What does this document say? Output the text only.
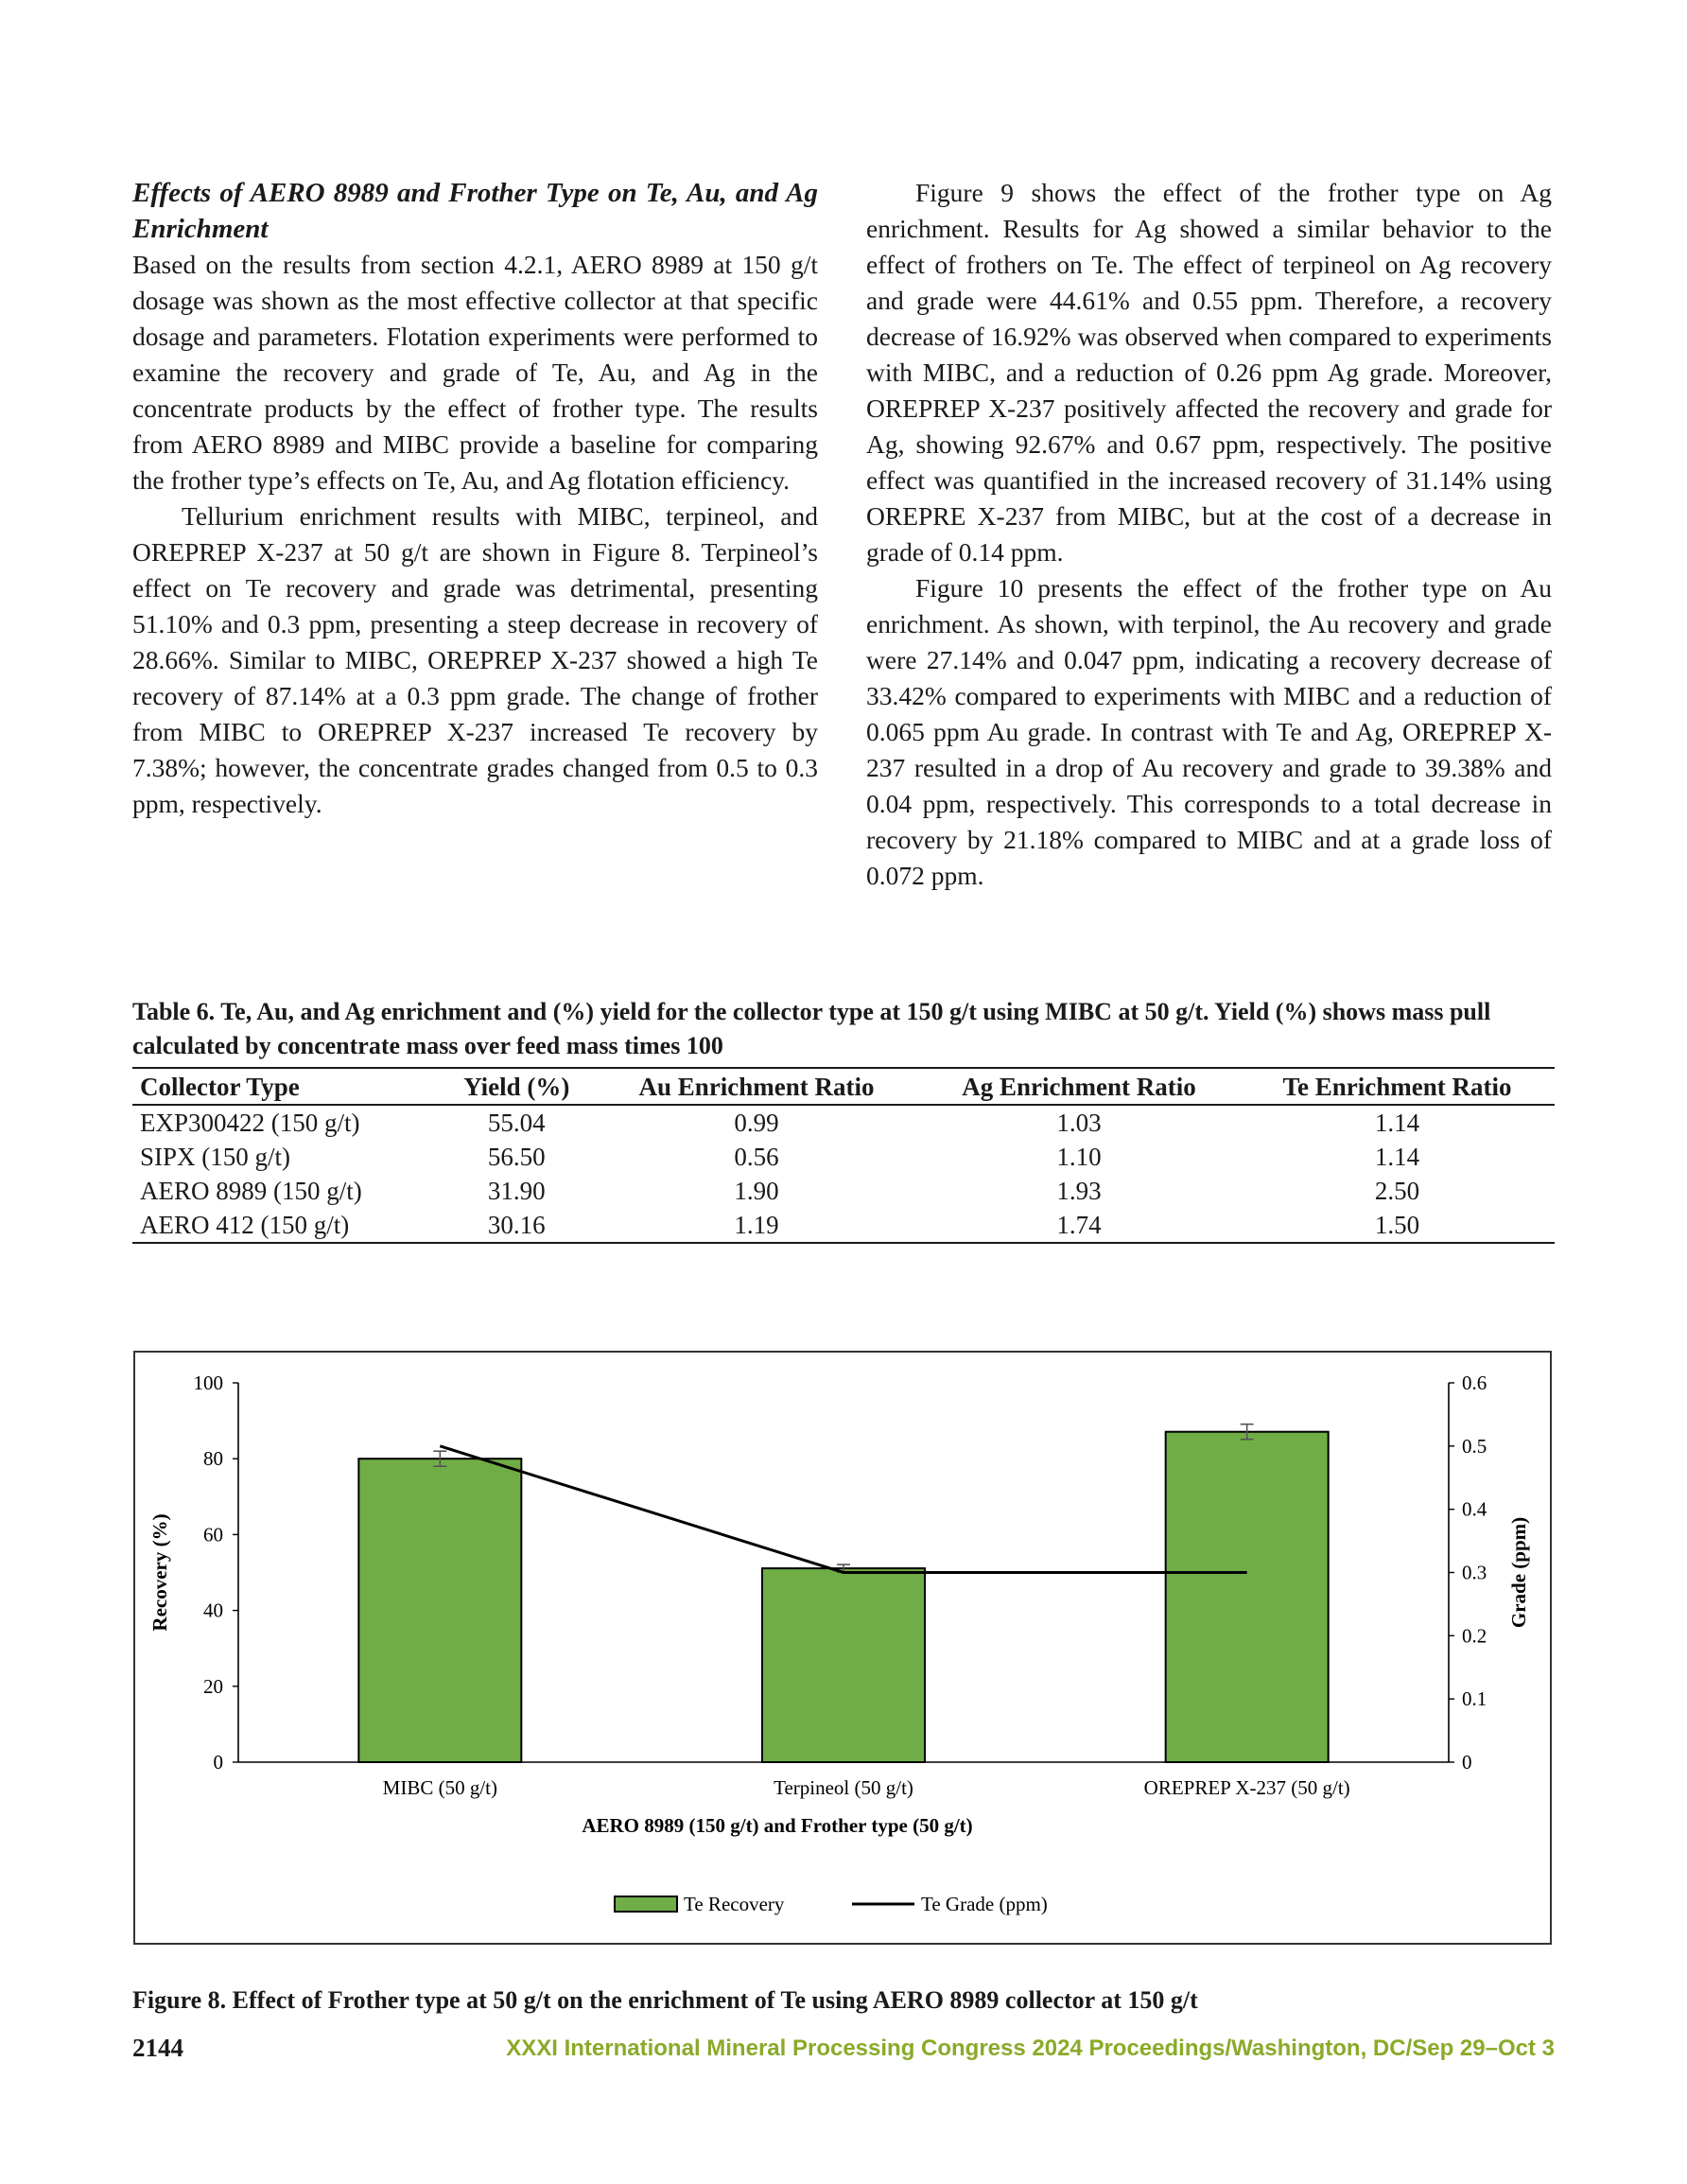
Effects of AERO 8989 and Frother Type on Te, Au, and Ag Enrichment

Based on the results from section 4.2.1, AERO 8989 at 150 g/t dosage was shown as the most effective collector at that specific dosage and parameters. Flotation experiments were performed to examine the recovery and grade of Te, Au, and Ag in the concentrate products by the effect of frother type. The results from AERO 8989 and MIBC provide a baseline for comparing the frother type’s effects on Te, Au, and Ag flotation efficiency.

Tellurium enrichment results with MIBC, terpineol, and OREPREP X-237 at 50 g/t are shown in Figure 8. Terpineol’s effect on Te recovery and grade was detrimental, presenting 51.10% and 0.3 ppm, presenting a steep decrease in recovery of 28.66%. Similar to MIBC, OREPREP X-237 showed a high Te recovery of 87.14% at a 0.3 ppm grade. The change of frother from MIBC to OREPREP X-237 increased Te recovery by 7.38%; however, the concentrate grades changed from 0.5 to 0.3 ppm, respectively.

Figure 9 shows the effect of the frother type on Ag enrichment. Results for Ag showed a similar behavior to the effect of frothers on Te. The effect of terpineol on Ag recovery and grade were 44.61% and 0.55 ppm. Therefore, a recovery decrease of 16.92% was observed when compared to experiments with MIBC, and a reduction of 0.26 ppm Ag grade. Moreover, OREPREP X-237 positively affected the recovery and grade for Ag, showing 92.67% and 0.67 ppm, respectively. The positive effect was quantified in the increased recovery of 31.14% using OREPRE X-237 from MIBC, but at the cost of a decrease in grade of 0.14 ppm.

Figure 10 presents the effect of the frother type on Au enrichment. As shown, with terpinol, the Au recovery and grade were 27.14% and 0.047 ppm, indicating a recovery decrease of 33.42% compared to experiments with MIBC and a reduction of 0.065 ppm Au grade. In contrast with Te and Ag, OREPREP X-237 resulted in a drop of Au recovery and grade to 39.38% and 0.04 ppm, respectively. This corresponds to a total decrease in recovery by 21.18% compared to MIBC and at a grade loss of 0.072 ppm.

Table 6. Te, Au, and Ag enrichment and (%) yield for the collector type at 150 g/t using MIBC at 50 g/t. Yield (%) shows mass pull calculated by concentrate mass over feed mass times 100

Collector Type	Yield (%)	Au Enrichment Ratio	Ag Enrichment Ratio	Te Enrichment Ratio
EXP300422 (150 g/t)	55.04	0.99	1.03	1.14
SIPX (150 g/t)	56.50	0.56	1.10	1.14
AERO 8989 (150 g/t)	31.90	1.90	1.93	2.50
AERO 412 (150 g/t)	30.16	1.19	1.74	1.50
0
20
40
60
80
100
0
0.1
0.2
0.3
0.4
0.5
0.6
MIBC (50 g/t)	Terpineol (50 g/t)	OREPREP X-237 (50 g/t)
AERO 8989 (150 g/t) and Frother type (50 g/t)
Recovery (%)	Grade (ppm)
Te Recovery	Te Grade (ppm)

Figure 8. Effect of Frother type at 50 g/t on the enrichment of Te using AERO 8989 collector at 150 g/t

2144	XXXI International Mineral Processing Congress 2024 Proceedings/Washington, DC/Sep 29–Oct 3
